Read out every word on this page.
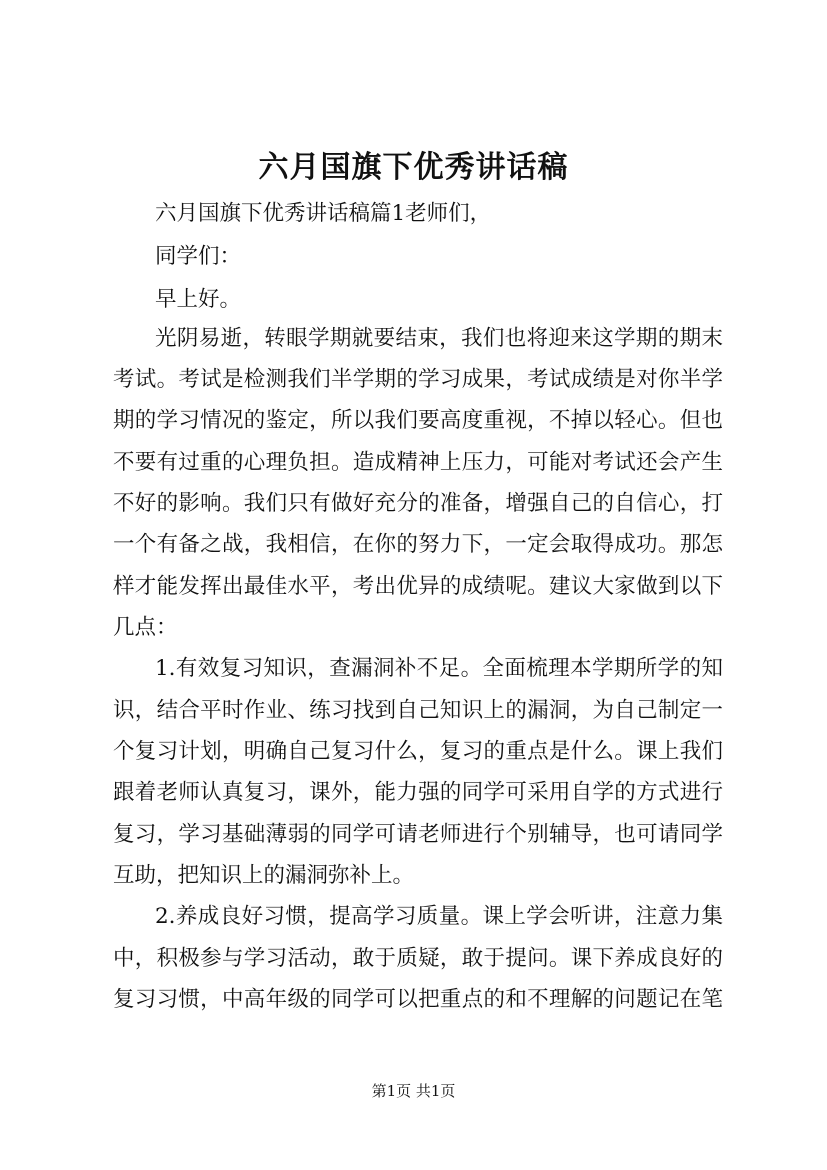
六月国旗下优秀讲话稿
六月国旗下优秀讲话稿篇1老师们，
同学们：
早上好。
光阴易逝，转眼学期就要结束，我们也将迎来这学期的期末
考试。考试是检测我们半学期的学习成果，考试成绩是对你半学
期的学习情况的鉴定，所以我们要高度重视，不掉以轻心。但也
不要有过重的心理负担。造成精神上压力，可能对考试还会产生
不好的影响。我们只有做好充分的准备，增强自己的自信心，打
一个有备之战，我相信，在你的努力下，一定会取得成功。那怎
样才能发挥出最佳水平，考出优异的成绩呢。建议大家做到以下
几点：
1.有效复习知识，查漏洞补不足。全面梳理本学期所学的知
识，结合平时作业、练习找到自己知识上的漏洞，为自己制定一
个复习计划，明确自己复习什么，复习的重点是什么。课上我们
跟着老师认真复习，课外，能力强的同学可采用自学的方式进行
复习，学习基础薄弱的同学可请老师进行个别辅导，也可请同学
互助，把知识上的漏洞弥补上。
2.养成良好习惯，提高学习质量。课上学会听讲，注意力集
中，积极参与学习活动，敢于质疑，敢于提问。课下养成良好的
复习习惯，中高年级的同学可以把重点的和不理解的问题记在笔
第1页 共1页
